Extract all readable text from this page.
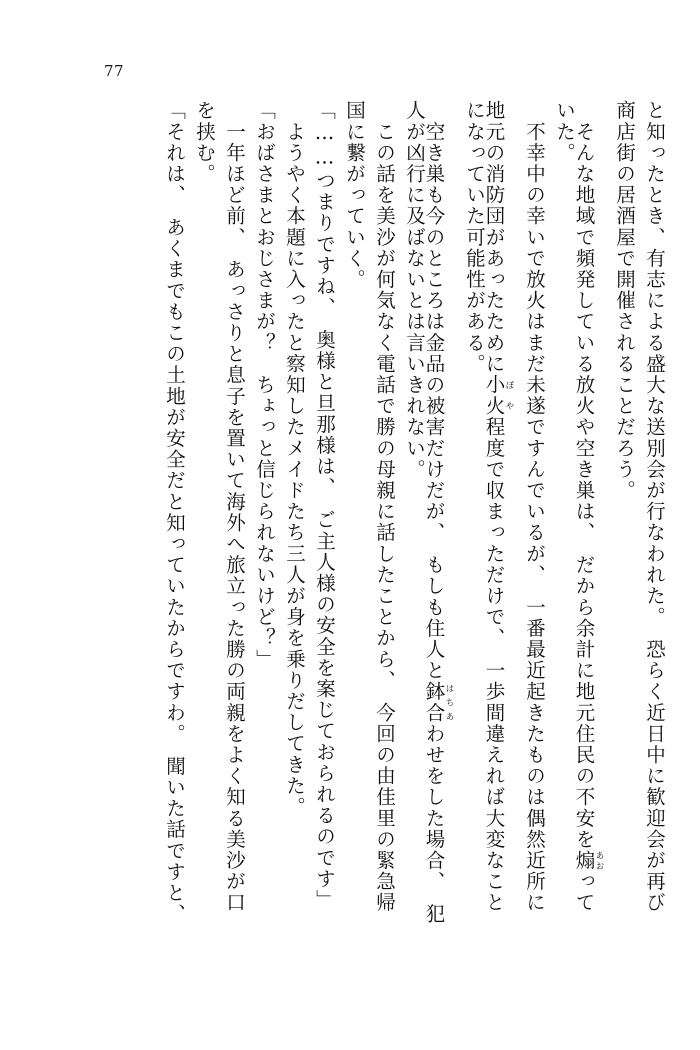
77
と知ったとき、有志による盛大な送別会が行なわれた。　恐らく近日中に歓迎会が再び
商店街の居酒屋で開催されることだろう。
　そんな地域で頻発している放火や空き巣は、　だから余計に地元住民の不安を煽あおって
いた。
　不幸中の幸いで放火はまだ未遂ですんでいるが、　一番最近起きたものは偶然近所に
地元の消防団があったために小火ぼや程度で収まっただけで、　一歩間違えれば大変なこと
になっていた可能性がある。
　空き巣も今のところは金品の被害だけだが、　もしも住人と鉢合はちあわせをした場合、　犯
人が凶行に及ばないとは言いきれない。
　この話を美沙が何気なく電話で勝の母親に話したことから、　今回の由佳里の緊急帰
国に繋がっていく。
「……つまりですね、　奥様と旦那様は、　ご主人様の安全を案じておられるのです」
　ようやく本題に入ったと察知したメイドたち三人が身を乗りだしてきた。
「おばさまとおじさまが？　ちょっと信じられないけど？」
　一年ほど前、　あっさりと息子を置いて海外へ旅立った勝の両親をよく知る美沙が口
を挟む。
「それは、　あくまでもこの土地が安全だと知っていたからですわ。　聞いた話ですと、
